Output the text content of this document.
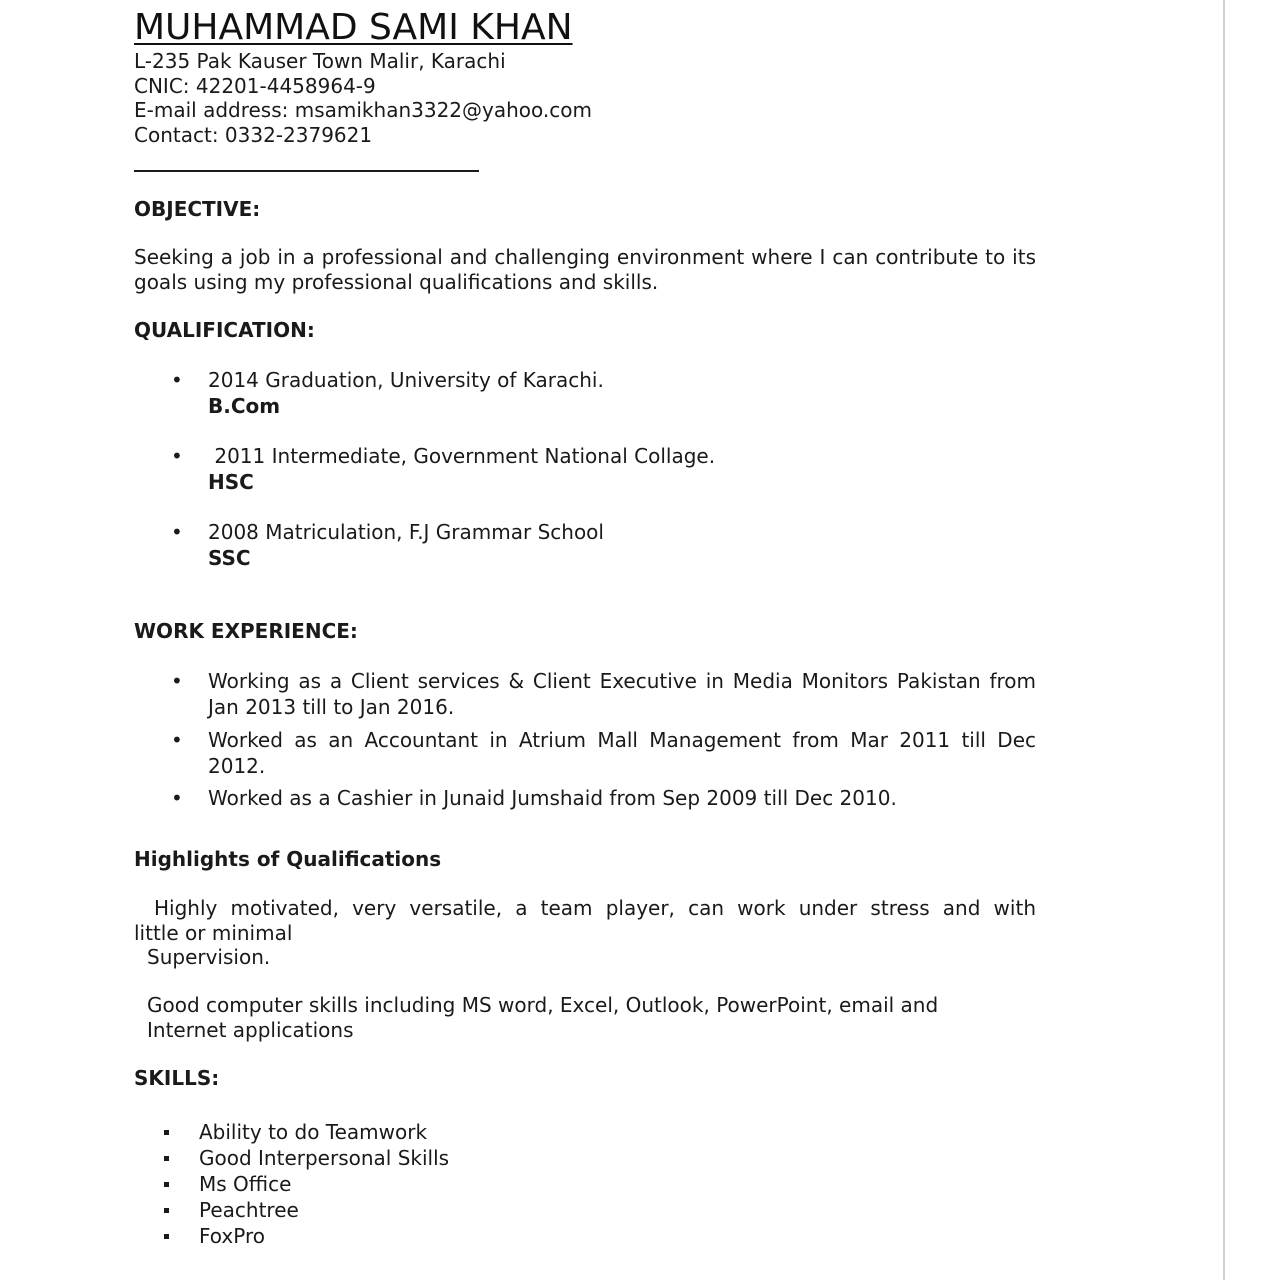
MUHAMMAD SAMI KHAN
L-235 Pak Kauser Town Malir, Karachi
CNIC: 42201-4458964-9
E-mail address: msamikhan3322@yahoo.com
Contact: 0332-2379621
OBJECTIVE:
Seeking a job in a professional and challenging environment where I can contribute to its goals using my professional qualifications and skills.
QUALIFICATION:
• 2014 Graduation, University of Karachi.
B.Com
• 2011 Intermediate, Government National Collage.
HSC
• 2008 Matriculation, F.J Grammar School
SSC
WORK EXPERIENCE:
• Working as a Client services & Client Executive in Media Monitors Pakistan from Jan 2013 till to Jan 2016.
• Worked as an Accountant in Atrium Mall Management from Mar 2011 till Dec 2012.
• Worked as a Cashier in Junaid Jumshaid from Sep 2009 till Dec 2010.
Highlights of Qualifications
Highly motivated, very versatile, a team player, can work under stress and with
little or minimal
Supervision.
Good computer skills including MS word, Excel, Outlook, PowerPoint, email and Internet applications
SKILLS:
Ability to do Teamwork
Good Interpersonal Skills
Ms Office
Peachtree
FoxPro
